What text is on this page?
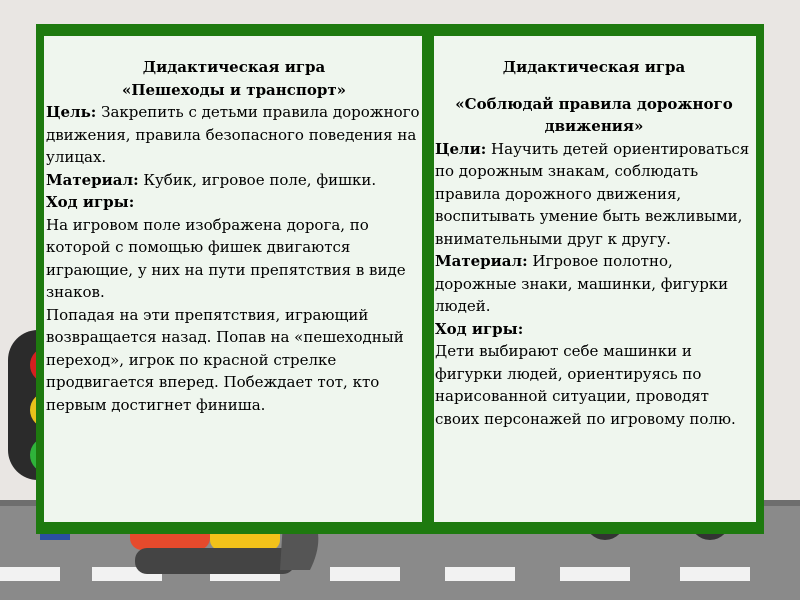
Дидактическая игра
«Пешеходы и транспорт»
Цель: Закрепить с детьми правила дорожного движения, правила безопасного поведения на улицах.
Материал: Кубик, игровое поле, фишки.
Ход игры:
На игровом поле изображена дорога, по которой с помощью фишек двигаются играющие, у них на пути препятствия в виде знаков.
Попадая на эти препятствия, играющий возвращается назад. Попав на «пешеходный переход», игрок по красной стрелке продвигается вперед. Побеждает тот, кто первым достигнет финиша.
Дидактическая игра
«Соблюдай правила дорожного движения»
Цели: Научить детей ориентироваться по дорожным знакам, соблюдать правила дорожного движения, воспитывать умение быть вежливыми, внимательными друг к другу.
Материал: Игровое полотно, дорожные знаки, машинки, фигурки людей.
Ход игры:
Дети выбирают себе машинки и фигурки людей, ориентируясь по нарисованной ситуации, проводят своих персонажей по игровому полю.
